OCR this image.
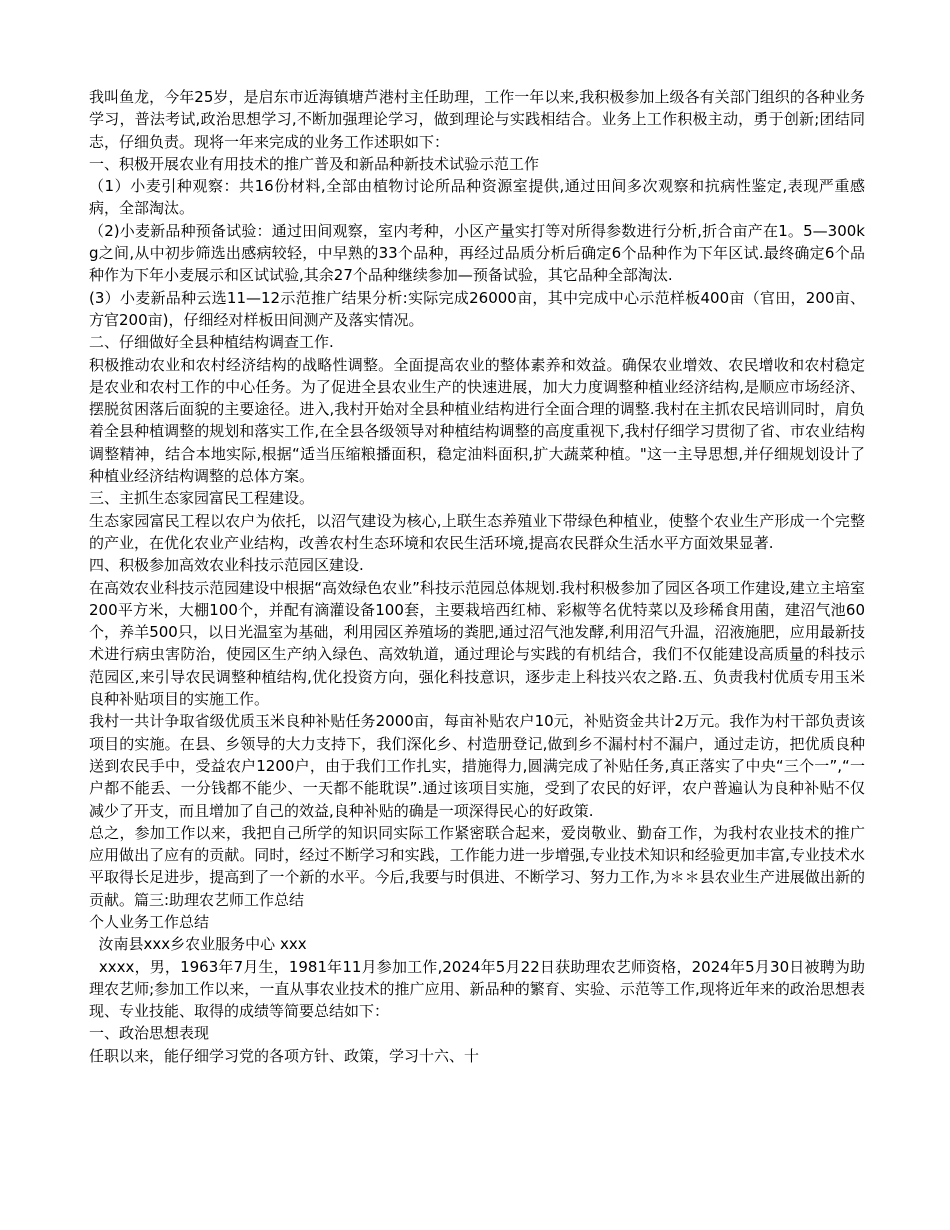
我叫鱼龙，今年25岁，是启东市近海镇塘芦港村主任助理，工作一年以来,我积极参加上级各有关部门组织的各种业务学习，普法考试,政治思想学习,不断加强理论学习，做到理论与实践相结合。业务上工作积极主动，勇于创新;团结同志，仔细负责。现将一年来完成的业务工作述职如下：

一、积极开展农业有用技术的推广普及和新品种新技术试验示范工作

（1）小麦引种观察：共16份材料,全部由植物讨论所品种资源室提供,通过田间多次观察和抗病性鉴定,表现严重感病，全部淘汰。

（2)小麦新品种预备试验：通过田间观察，室内考种，小区产量实打等对所得参数进行分析,折合亩产在1。5—300kg之间,从中初步筛选出感病较轻，中早熟的33个品种，再经过品质分析后确定6个品种作为下年区试.最终确定6个品种作为下年小麦展示和区试试验,其余27个品种继续参加—预备试验，其它品种全部淘汰.

(3）小麦新品种云选11—12示范推广结果分析:实际完成26000亩，其中完成中心示范样板400亩（官田，200亩、方官200亩)，仔细经对样板田间测产及落实情况。

二、仔细做好全县种植结构调查工作.

积极推动农业和农村经济结构的战略性调整。全面提高农业的整体素养和效益。确保农业增效、农民增收和农村稳定是农业和农村工作的中心任务。为了促进全县农业生产的快速进展，加大力度调整种植业经济结构,是顺应市场经济、摆脱贫困落后面貌的主要途径。进入,我村开始对全县种植业结构进行全面合理的调整.我村在主抓农民培训同时，肩负着全县种植调整的规划和落实工作,在全县各级领导对种植结构调整的高度重视下,我村仔细学习贯彻了省、市农业结构调整精神，结合本地实际,根据“适当压缩粮播面积，稳定油料面积,扩大蔬菜种植。"这一主导思想,并仔细规划设计了种植业经济结构调整的总体方案。

三、主抓生态家园富民工程建设。

生态家园富民工程以农户为依托，以沼气建设为核心,上联生态养殖业下带绿色种植业，使整个农业生产形成一个完整的产业，在优化农业产业结构，改善农村生态环境和农民生活环境,提高农民群众生活水平方面效果显著.

四、积极参加高效农业科技示范园区建设.

在高效农业科技示范园建设中根据“高效绿色农业”科技示范园总体规划.我村积极参加了园区各项工作建设,建立主培室200平方米，大棚100个，并配有滴灌设备100套，主要栽培西红柿、彩椒等名优特菜以及珍稀食用菌，建沼气池60个，养羊500只，以日光温室为基础，利用园区养殖场的粪肥,通过沼气池发酵,利用沼气升温，沼液施肥，应用最新技术进行病虫害防治，使园区生产纳入绿色、高效轨道，通过理论与实践的有机结合，我们不仅能建设高质量的科技示范园区,来引导农民调整种植结构,优化投资方向，强化科技意识，逐步走上科技兴农之路.五、负责我村优质专用玉米良种补贴项目的实施工作。

我村一共计争取省级优质玉米良种补贴任务2000亩，每亩补贴农户10元，补贴资金共计2万元。我作为村干部负责该项目的实施。在县、乡领导的大力支持下，我们深化乡、村造册登记,做到乡不漏村村不漏户，通过走访，把优质良种送到农民手中，受益农户1200户，由于我们工作扎实，措施得力,圆满完成了补贴任务,真正落实了中央“三个一”,“一户都不能丢、一分钱都不能少、一天都不能耽误”.通过该项目实施，受到了农民的好评，农户普遍认为良种补贴不仅减少了开支，而且增加了自己的效益,良种补贴的确是一项深得民心的好政策.

总之，参加工作以来，我把自己所学的知识同实际工作紧密联合起来，爱岗敬业、勤奋工作，为我村农业技术的推广应用做出了应有的贡献。同时，经过不断学习和实践，工作能力进一步增强,专业技术知识和经验更加丰富,专业技术水平取得长足进步，提高到了一个新的水平。今后,我要与时俱进、不断学习、努力工作,为＊＊县农业生产进展做出新的贡献。篇三:助理农艺师工作总结

个人业务工作总结

汝南县xxx乡农业服务中心 xxx

xxxx，男，1963年7月生，1981年11月参加工作,2024年5月22日获助理农艺师资格，2024年5月30日被聘为助理农艺师;参加工作以来，一直从事农业技术的推广应用、新品种的繁育、实验、示范等工作,现将近年来的政治思想表现、专业技能、取得的成绩等简要总结如下：

一、政治思想表现

任职以来，能仔细学习党的各项方针、政策，学习十六、十
